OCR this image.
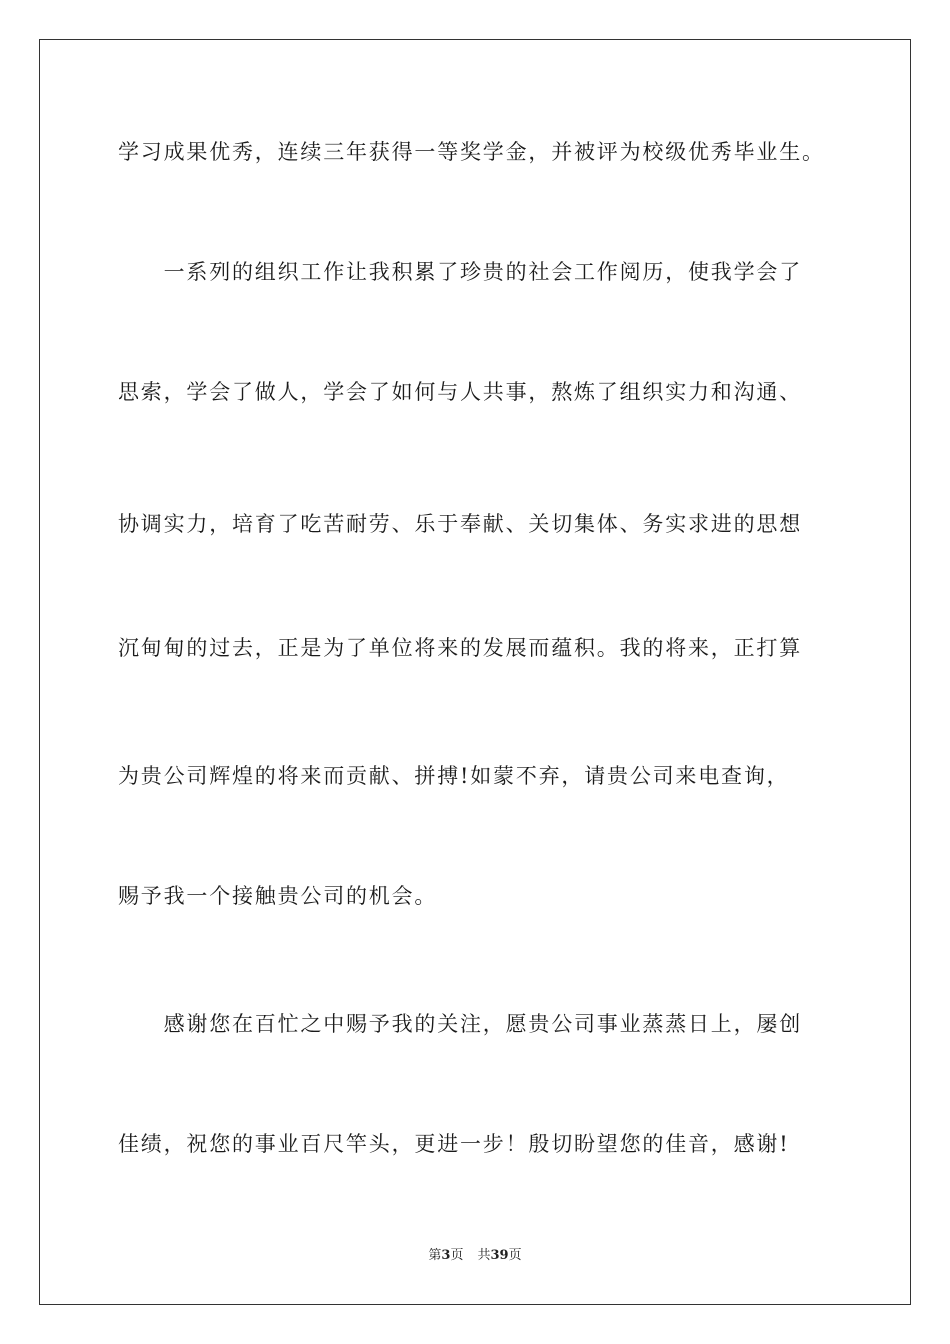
学习成果优秀，连续三年获得一等奖学金，并被评为校级优秀毕业生。
　　一系列的组织工作让我积累了珍贵的社会工作阅历，使我学会了
思索，学会了做人，学会了如何与人共事，熬炼了组织实力和沟通、
协调实力，培育了吃苦耐劳、乐于奉献、关切集体、务实求进的思想
沉甸甸的过去，正是为了单位将来的发展而蕴积。我的将来，正打算
为贵公司辉煌的将来而贡献、拼搏!如蒙不弃，请贵公司来电查询，
赐予我一个接触贵公司的机会。
　　感谢您在百忙之中赐予我的关注，愿贵公司事业蒸蒸日上，屡创
佳绩，祝您的事业百尺竿头，更进一步！殷切盼望您的佳音，感谢!
第3页 共39页
